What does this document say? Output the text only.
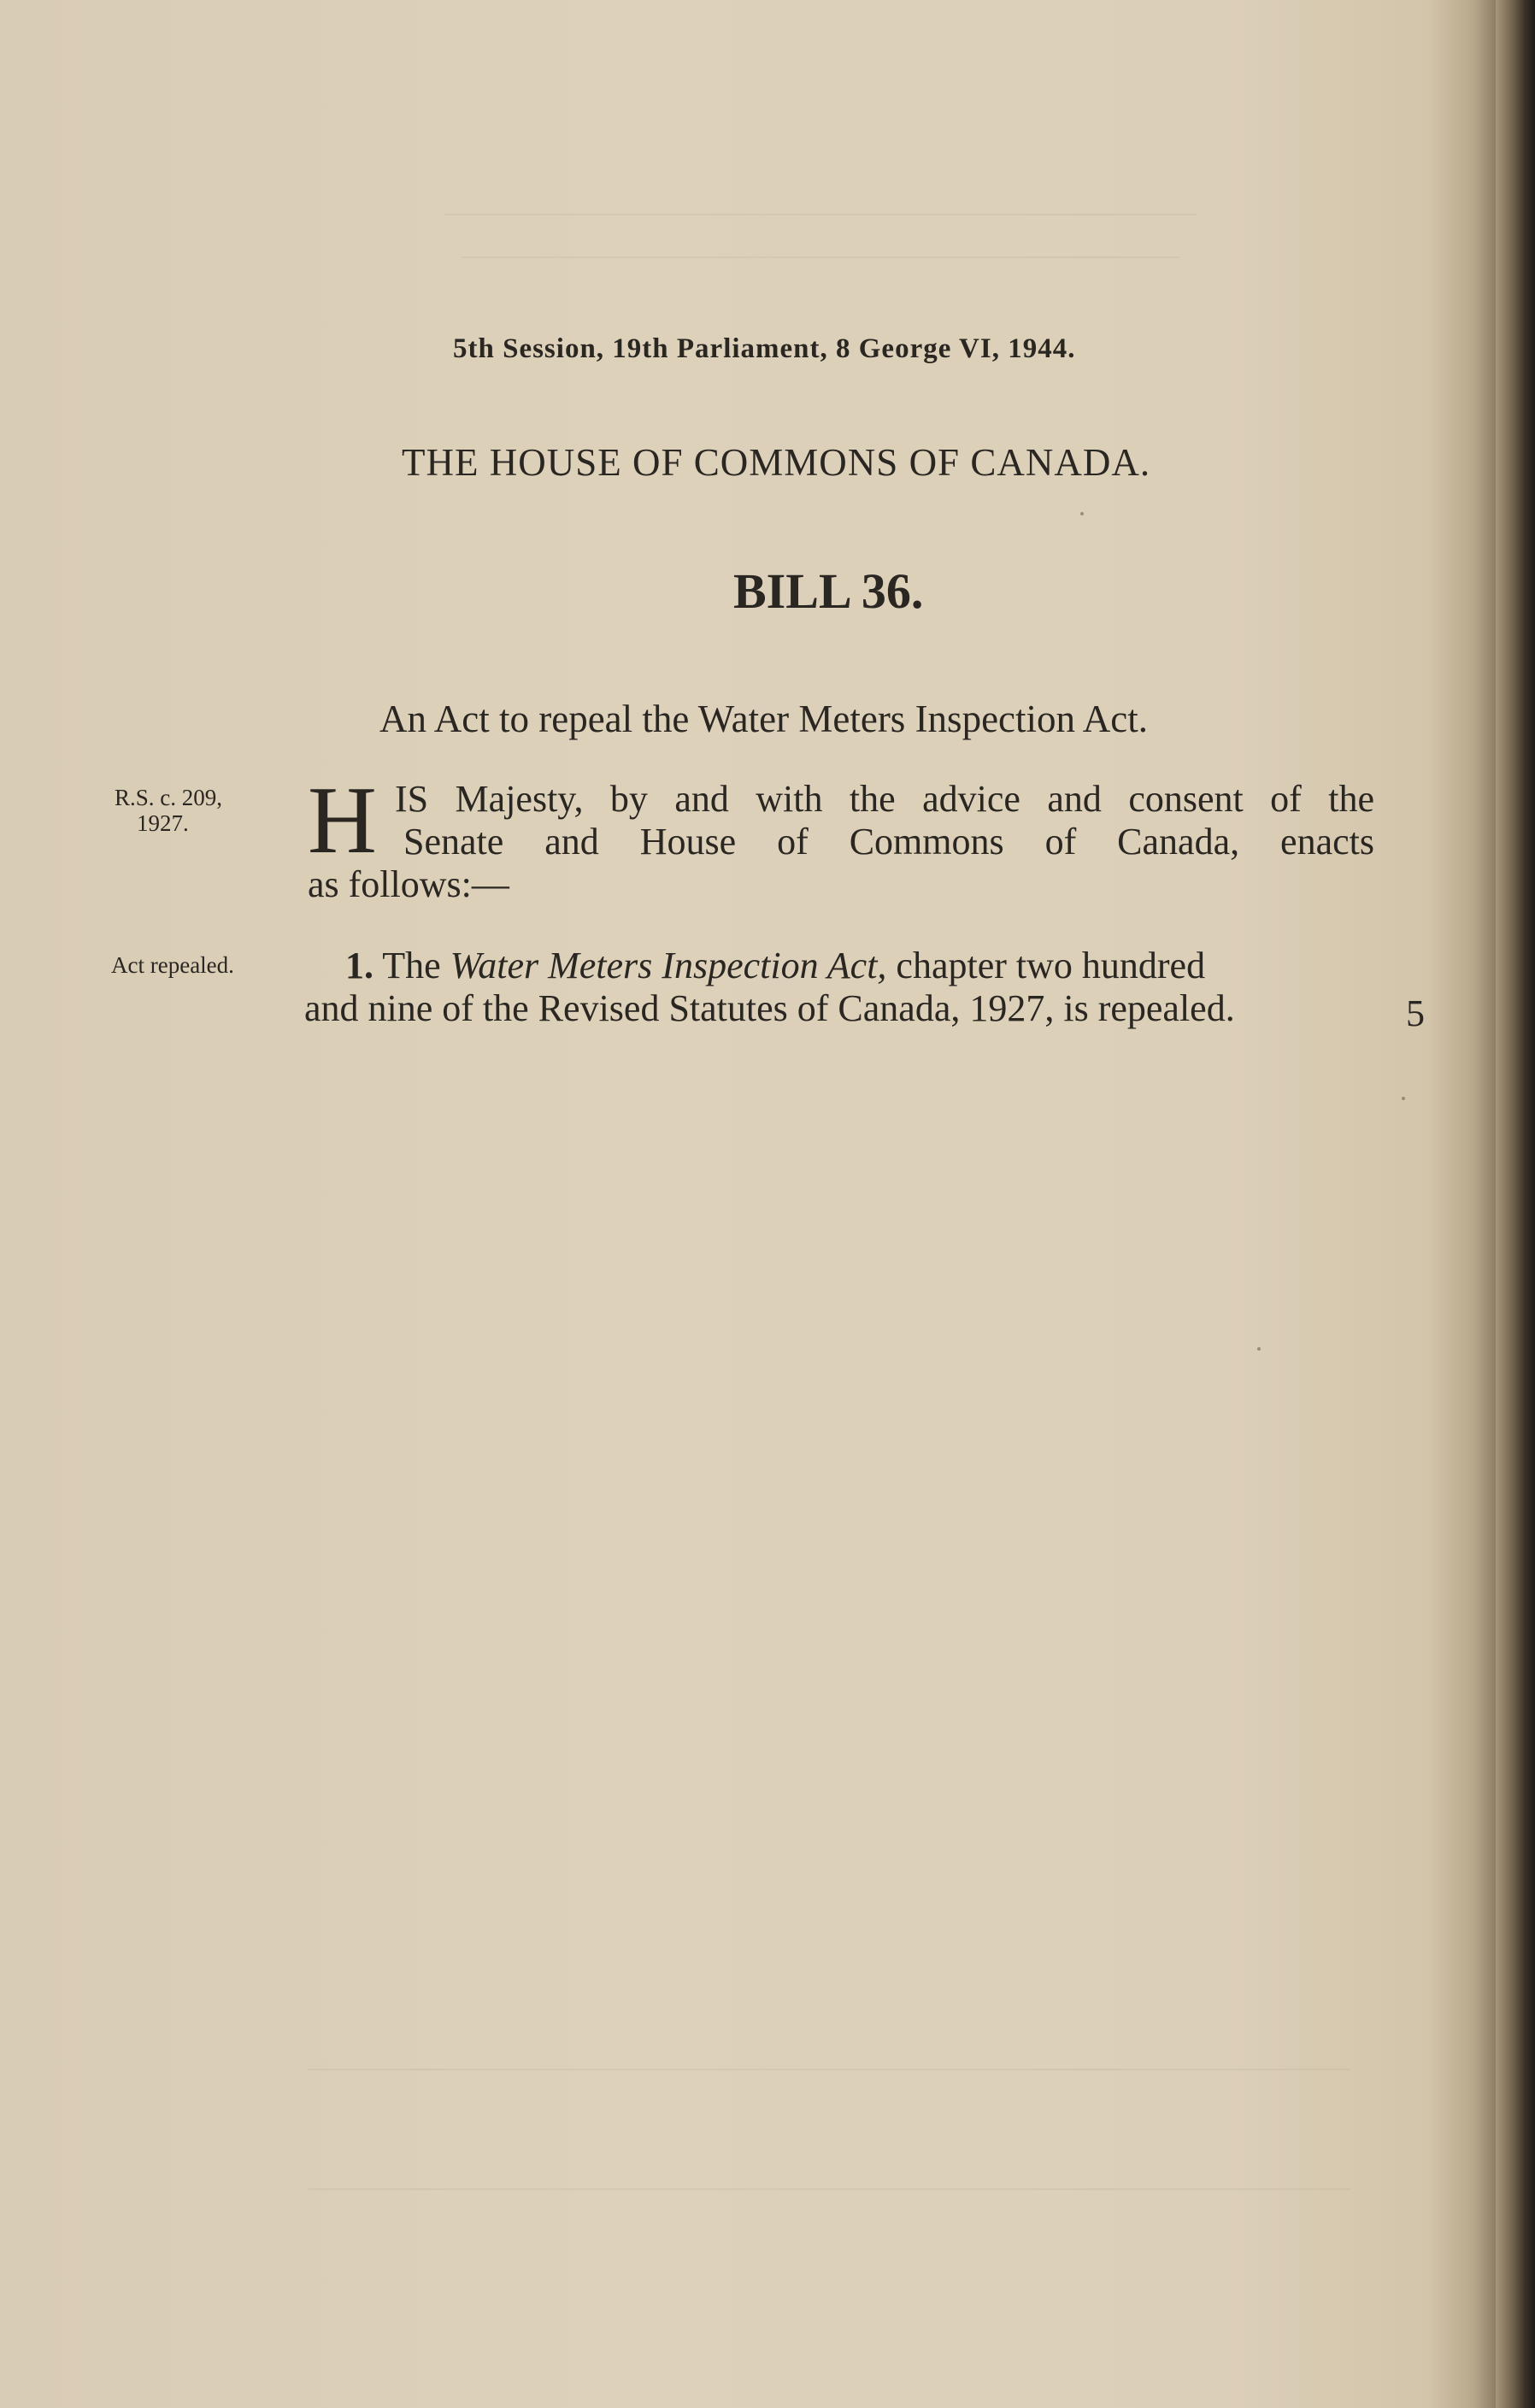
5th Session, 19th Parliament, 8 George VI, 1944.
THE HOUSE OF COMMONS OF CANADA.
BILL 36.
An Act to repeal the Water Meters Inspection Act.
R.S. c. 209,
1927.
Act repealed.
H IS Majesty, by and with the advice and consent of the
Senate and House of Commons of Canada, enacts
as follows:—
1. The Water Meters Inspection Act, chapter two hundred
and nine of the Revised Statutes of Canada, 1927, is repealed.	5
